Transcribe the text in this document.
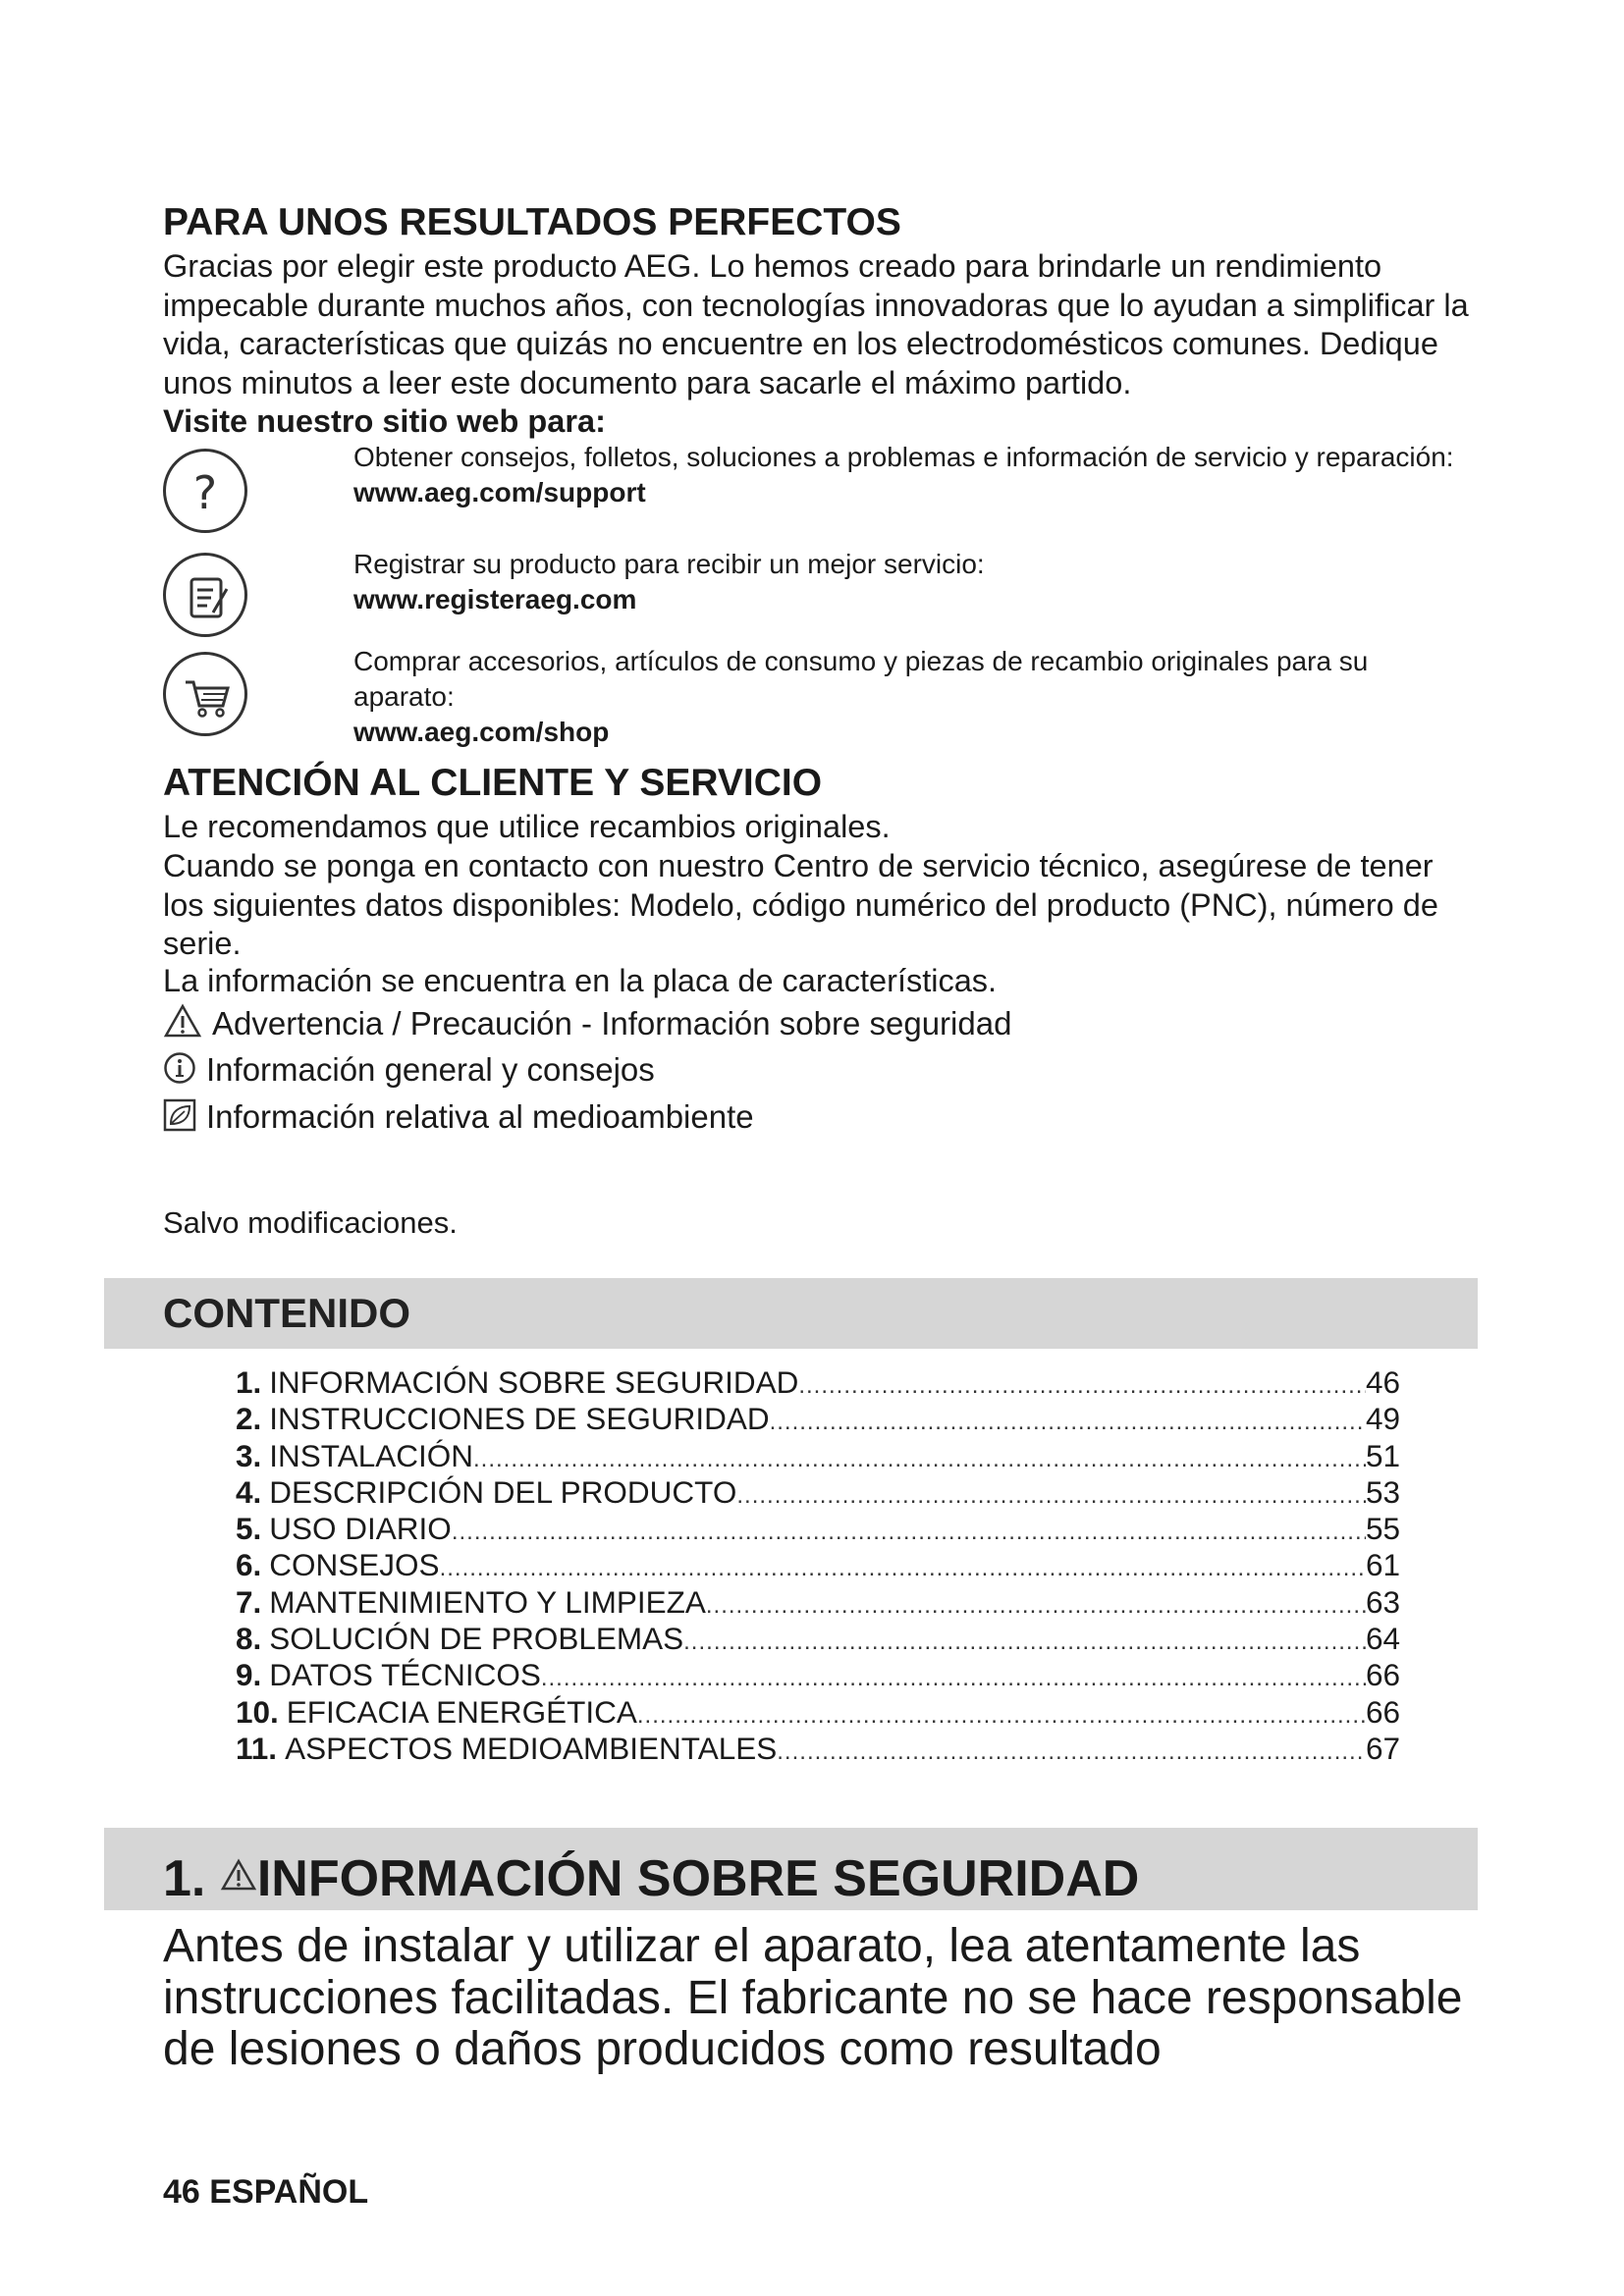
PARA UNOS RESULTADOS PERFECTOS

Gracias por elegir este producto AEG. Lo hemos creado para brindarle un rendimiento impecable durante muchos años, con tecnologías innovadoras que lo ayudan a simplificar la vida, características que quizás no encuentre en los electrodomésticos comunes. Dedique unos minutos a leer este documento para sacarle el máximo partido.

Visite nuestro sitio web para:

?
Obtener consejos, folletos, soluciones a problemas e información de servicio y reparación:
www.aeg.com/support
Registrar su producto para recibir un mejor servicio:
www.registeraeg.com
Comprar accesorios, artículos de consumo y piezas de recambio originales para su aparato:
www.aeg.com/shop
ATENCIÓN AL CLIENTE Y SERVICIO

Le recomendamos que utilice recambios originales.

Cuando se ponga en contacto con nuestro Centro de servicio técnico, asegúrese de tener los siguientes datos disponibles: Modelo, código numérico del producto (PNC), número de serie.

La información se encuentra en la placa de características.

Advertencia / Precaución - Información sobre seguridad
Información general y consejos
Información relativa al medioambiente

Salvo modificaciones.

CONTENIDO
1. INFORMACIÓN SOBRE SEGURIDAD .....	46
2. INSTRUCCIONES DE SEGURIDAD .....	49
3. INSTALACIÓN .....	51
4. DESCRIPCIÓN DEL PRODUCTO .....	53
5. USO DIARIO .....	55
6. CONSEJOS .....	61
7. MANTENIMIENTO Y LIMPIEZA .....	63
8. SOLUCIÓN DE PROBLEMAS .....	64
9. DATOS TÉCNICOS .....	66
10. EFICACIA ENERGÉTICA .....	66
11. ASPECTOS MEDIOAMBIENTALES .....	67
1. INFORMACIÓN SOBRE SEGURIDAD

Antes de instalar y utilizar el aparato, lea atentamente las instrucciones facilitadas. El fabricante no se hace responsable de lesiones o daños producidos como resultado

46 ESPAÑOL
